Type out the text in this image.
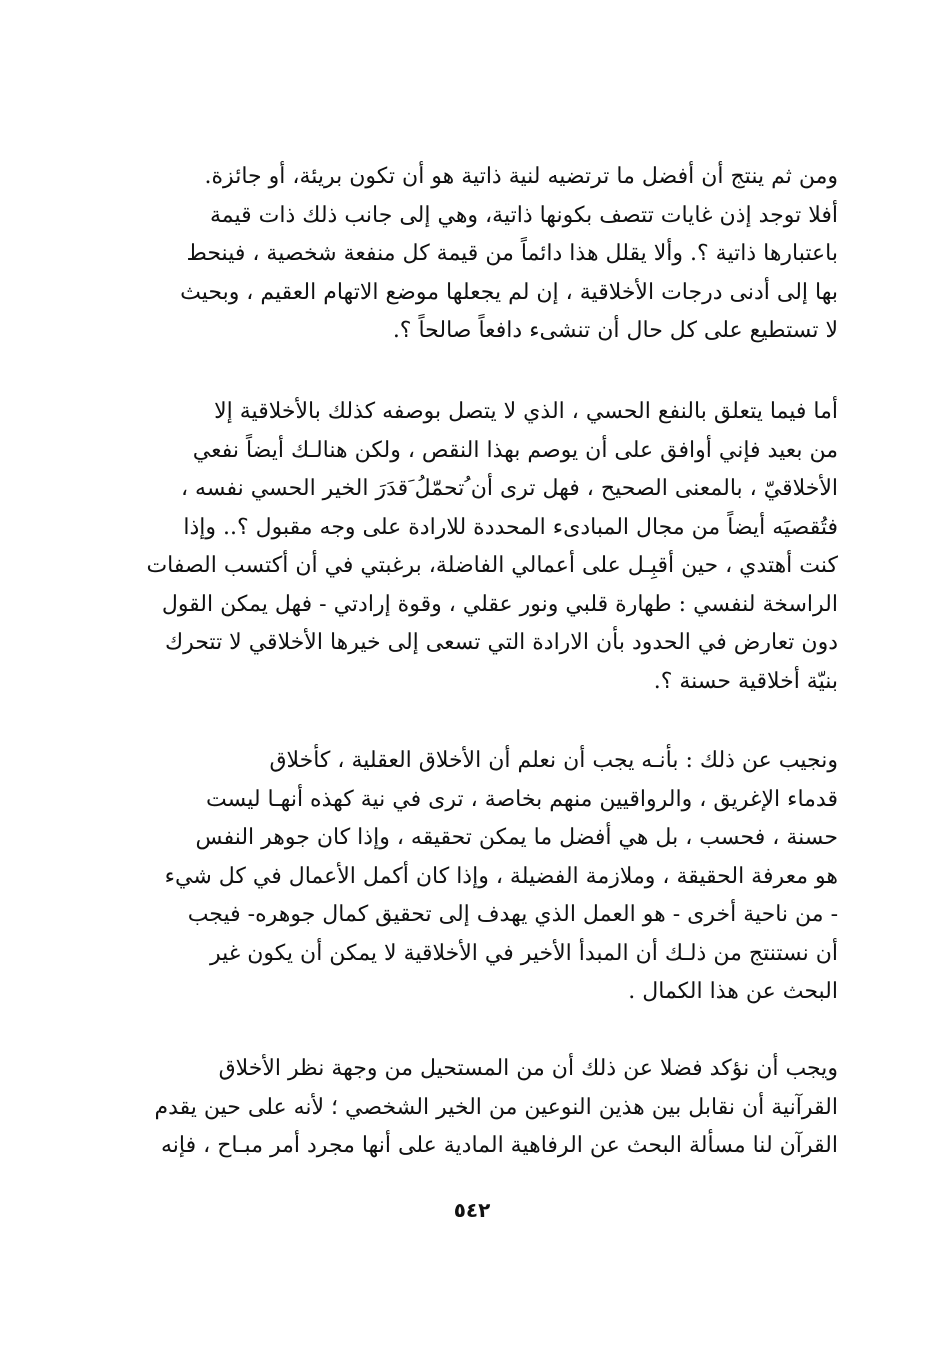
ومن ثم ينتج أن أفضل ما ترتضيه لنية ذاتية هو أن تكون بريئة، أو جائزة.
أفلا توجد إذن غايات تتصف بكونها ذاتية، وهي إلى جانب ذلك ذات قيمة
باعتبارها ذاتية ؟. وألا يقلل هذا دائماً من قيمة كل منفعة شخصية ، فينحط
بها إلى أدنى درجات الأخلاقية ، إن لم يجعلها موضع الاتهام العقيم ، وبحيث
لا تستطيع على كل حال أن تنشىء دافعاً صالحاً ؟.
أما فيما يتعلق بالنفع الحسي ، الذي لا يتصل بوصفه كذلك بالأخلاقية إلا
من بعيد فإني أوافق على أن يوصم بهذا النقص ، ولكن هنالـك أيضاً نفعي
الأخلاقيّ ، بالمعنى الصحيح ، فهل ترى أن ُتحمّلُ َقدَرَ الخير الحسي نفسه ،
فتُقصيَه أيضاً من مجال المبادىء المحددة للارادة على وجه مقبول ؟.. وإذا
كنت أهتدي ، حين أقبِـل على أعمالي الفاضلة، برغبتي في أن أكتسب الصفات
الراسخة لنفسي : طهارة قلبي ونور عقلي ، وقوة إرادتي - فهل يمكن القول
دون تعارض في الحدود بأن الارادة التي تسعى إلى خيرها الأخلاقي لا تتحرك
بنيّة أخلاقية حسنة ؟.
ونجيب عن ذلك : بأنـه يجب أن نعلم أن الأخلاق العقلية ، كأخلاق
قدماء الإغريق ، والرواقيين منهم بخاصة ، ترى في نية كهذه أنهـا ليست
حسنة ، فحسب ، بل هي أفضل ما يمكن تحقيقه ، وإذا كان جوهر النفس
هو معرفة الحقيقة ، وملازمة الفضيلة ، وإذا كان أكمل الأعمال في كل شيء
- من ناحية أخرى - هو العمل الذي يهدف إلى تحقيق كمال جوهره- فيجب
أن نستنتج من ذلـك أن المبدأ الأخير في الأخلاقية لا يمكن أن يكون غير
البحث عن هذا الكمال .
ويجب أن نؤكد فضلا عن ذلك أن من المستحيل من وجهة نظر الأخلاق
القرآنية أن نقابل بين هذين النوعين من الخير الشخصي ؛ لأنه على حين يقدم
القرآن لنا مسألة البحث عن الرفاهية المادية على أنها مجرد أمر مبـاح ، فإنه
٥٤٢
